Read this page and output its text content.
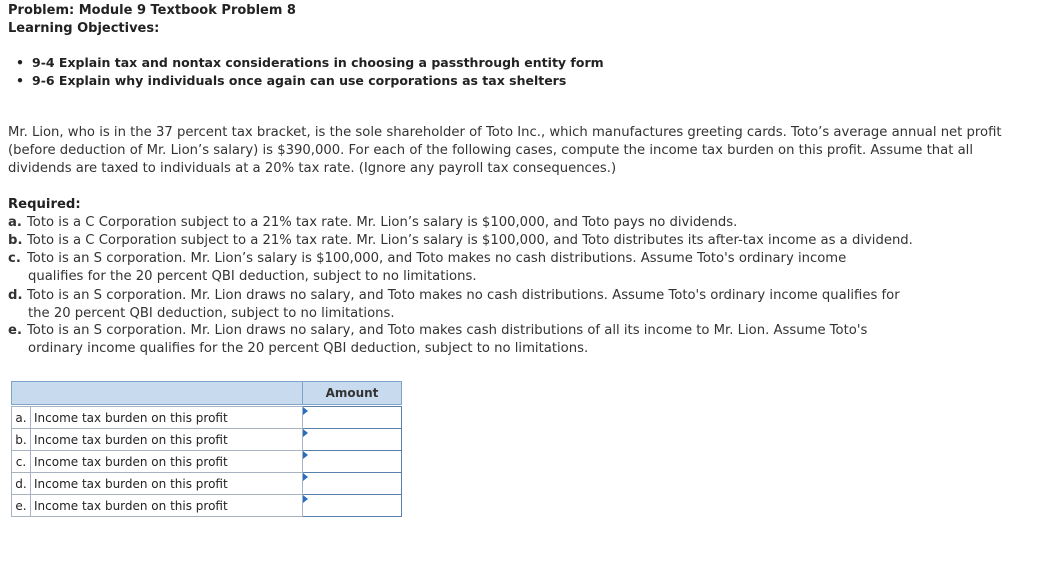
Problem: Module 9 Textbook Problem 8
Learning Objectives:
• 9-4 Explain tax and nontax considerations in choosing a passthrough entity form
• 9-6 Explain why individuals once again can use corporations as tax shelters
Mr. Lion, who is in the 37 percent tax bracket, is the sole shareholder of Toto Inc., which manufactures greeting cards. Toto’s average annual net profit (before deduction of Mr. Lion’s salary) is $390,000. For each of the following cases, compute the income tax burden on this profit. Assume that all dividends are taxed to individuals at a 20% tax rate. (Ignore any payroll tax consequences.)
Required:
a. Toto is a C Corporation subject to a 21% tax rate. Mr. Lion’s salary is $100,000, and Toto pays no dividends.
b. Toto is a C Corporation subject to a 21% tax rate. Mr. Lion’s salary is $100,000, and Toto distributes its after-tax income as a dividend.
c. Toto is an S corporation. Mr. Lion’s salary is $100,000, and Toto makes no cash distributions. Assume Toto's ordinary income
qualifies for the 20 percent QBI deduction, subject to no limitations.
d. Toto is an S corporation. Mr. Lion draws no salary, and Toto makes no cash distributions. Assume Toto's ordinary income qualifies for
the 20 percent QBI deduction, subject to no limitations.
e. Toto is an S corporation. Mr. Lion draws no salary, and Toto makes cash distributions of all its income to Mr. Lion. Assume Toto's
ordinary income qualifies for the 20 percent QBI deduction, subject to no limitations.
		Amount

a.	Income tax burden on this profit	

b.	Income tax burden on this profit	

c.	Income tax burden on this profit	

d.	Income tax burden on this profit	

e.	Income tax burden on this profit	
